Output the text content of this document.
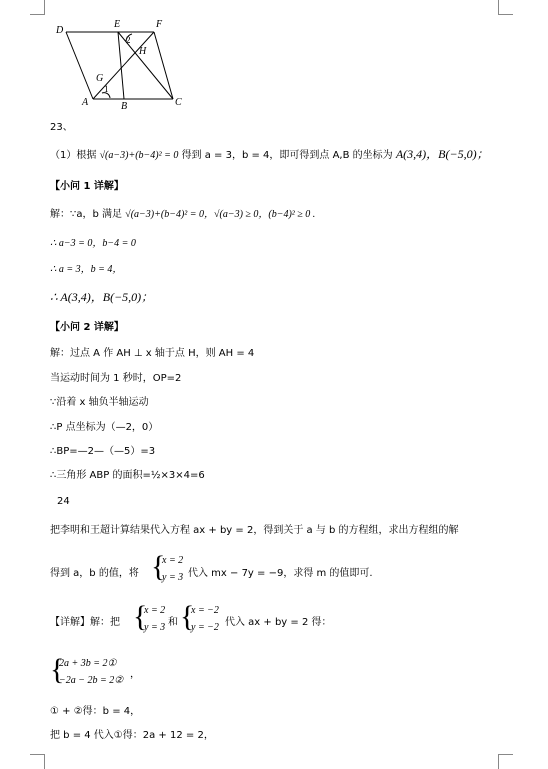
D
E	F
H
G
A	B	C
2
1
23、
（1）根据 √(a−3)+(b−4)² = 0 得到 a = 3，b = 4，即可得到点 A,B 的坐标为 A(3,4)，B(−5,0)；
【小问 1 详解】
解：∵a，b 满足 √(a−3)+(b−4)² = 0，√(a−3) ≥ 0，(b−4)² ≥ 0 .
∴ a−3 = 0，b−4 = 0
∴ a = 3，b = 4，
∴ A(3,4)，B(−5,0)；
【小问 2 详解】
解：过点 A 作 AH ⊥ x 轴于点 H，则 AH = 4
当运动时间为 1 秒时，OP=2
∵沿着 x 轴负半轴运动
∴P 点坐标为（—2，0）
∴BP=—2—（—5）=3
∴三角形 ABP 的面积=½×3×4=6
24
把李明和王超计算结果代入方程 ax + by = 2，得到关于 a 与 b 的方程组，求出方程组的解
得到 a，b 的值，将 {
x = 2
y = 3 代入 mx − 7y = −9，求得 m 的值即可.
【详解】解：把 {
x = 2
y = 3 和 {
x = −2
y = −2 代入 ax + by = 2 得：
{
2a + 3b = 2①
−2a − 2b = 2②
，
① + ②得：b = 4，
把 b = 4 代入①得：2a + 12 = 2，
